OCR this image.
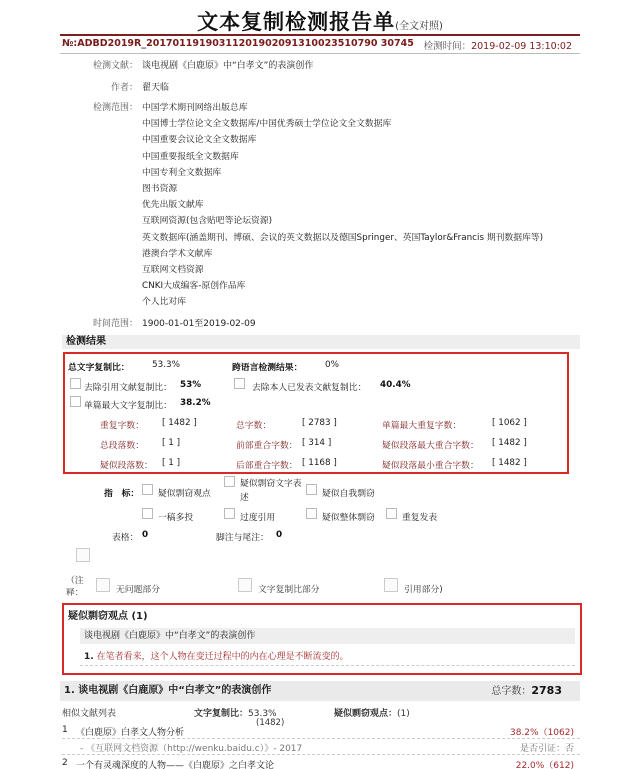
文本复制检测报告单(全文对照)
№:ADBD2019R_20170119190311201902091310023510790 30745 检测时间：2019-02-09 13:10:02
检测文献： 谈电视剧《白鹿原》中“白孝文”的表演创作
作者： 翟天临
检测范围： 中国学术期刊网络出版总库
中国博士学位论文全文数据库/中国优秀硕士学位论文全文数据库
中国重要会议论文全文数据库
中国重要报纸全文数据库
中国专利全文数据库
图书资源
优先出版文献库
互联网资源(包含贴吧等论坛资源)
英文数据库(涵盖期刊、博硕、会议的英文数据以及德国Springer、英国Taylor&Francis 期刊数据库等)
港澳台学术文献库
互联网文档资源
CNKI大成编客-原创作品库
个人比对库
时间范围： 1900-01-01至2019-02-09
检测结果
总文字复制比：	53.3%	跨语言检测结果：	0%
去除引用文献复制比： 53%	去除本人已发表文献复制比： 40.4%
单篇最大文字复制比： 38.2%
重复字数： [ 1482 ]	总字数：	[ 2783 ]	单篇最大重复字数：	[ 1062 ]
总段落数： [ 1 ]	前部重合字数： [ 314 ]	疑似段落最大重合字数： [ 1482 ]
疑似段落数： [ 1 ]	后部重合字数： [ 1168 ]	疑似段落最小重合字数： [ 1482 ]
指　标： 疑似剽窃观点
疑似剽窃文字表述	疑似自我剽窃
一稿多投	过度引用	疑似整体剽窃	重复发表
表格： 0	脚注与尾注： 0
（注释：	无问题部分	文字复制比部分	引用部分)
疑似剽窃观点 (1)
谈电视剧《白鹿原》中“白孝文”的表演创作
1. 在笔者看来，这个人物在变迁过程中的内在心理是不断流变的。
1. 谈电视剧《白鹿原》中“白孝文”的表演创作	总字数：2783
相似文献列表	文字复制比：53.3%
(1482)
疑似剽窃观点：(1)
1 《白鹿原》白孝文人物分析	38.2%（1062)
- 《互联网文档资源（http://wenku.baidu.c）》- 2017	是否引证：否
2 一个有灵魂深度的人物——《白鹿原》之白孝文论	22.0%（612)
